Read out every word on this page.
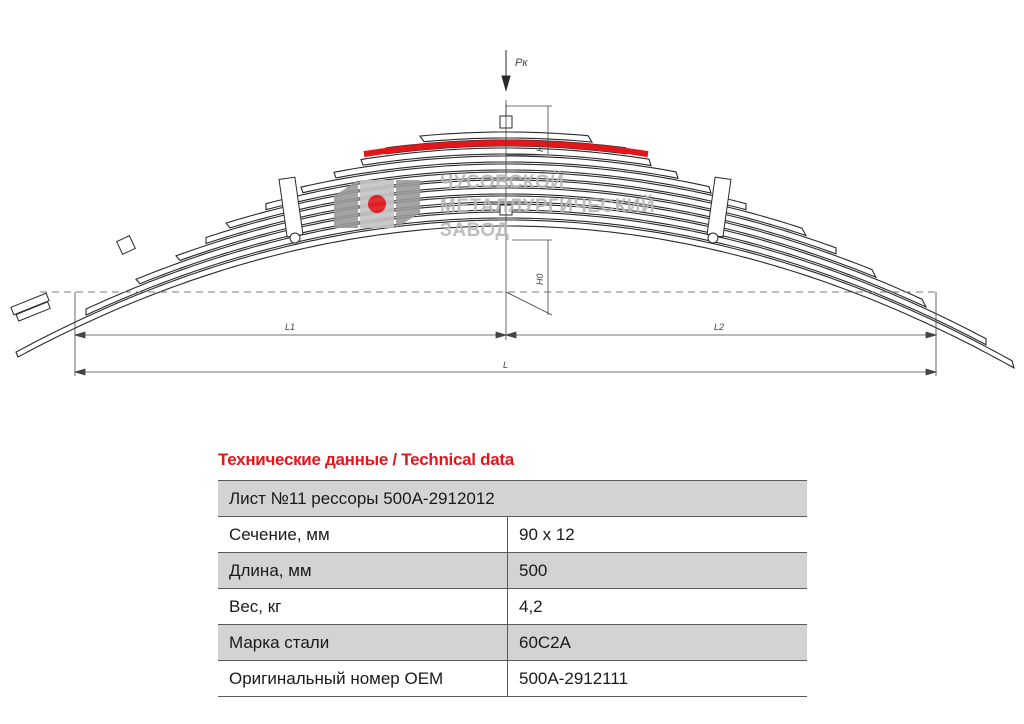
Pк
H
H0
L1	L2
L
ЧУСОВСКОЙ
МЕТАЛЛУРГИЧЕСКИЙ
ЗАВОД
Технические данные / Technical data
Лист №11 рессоры 500А-2912012	
Сечение, мм	90 x 12
Длина, мм	500
Вес, кг	4,2
Марка стали	60С2А
Оригинальный номер OEM	500А-2912111
